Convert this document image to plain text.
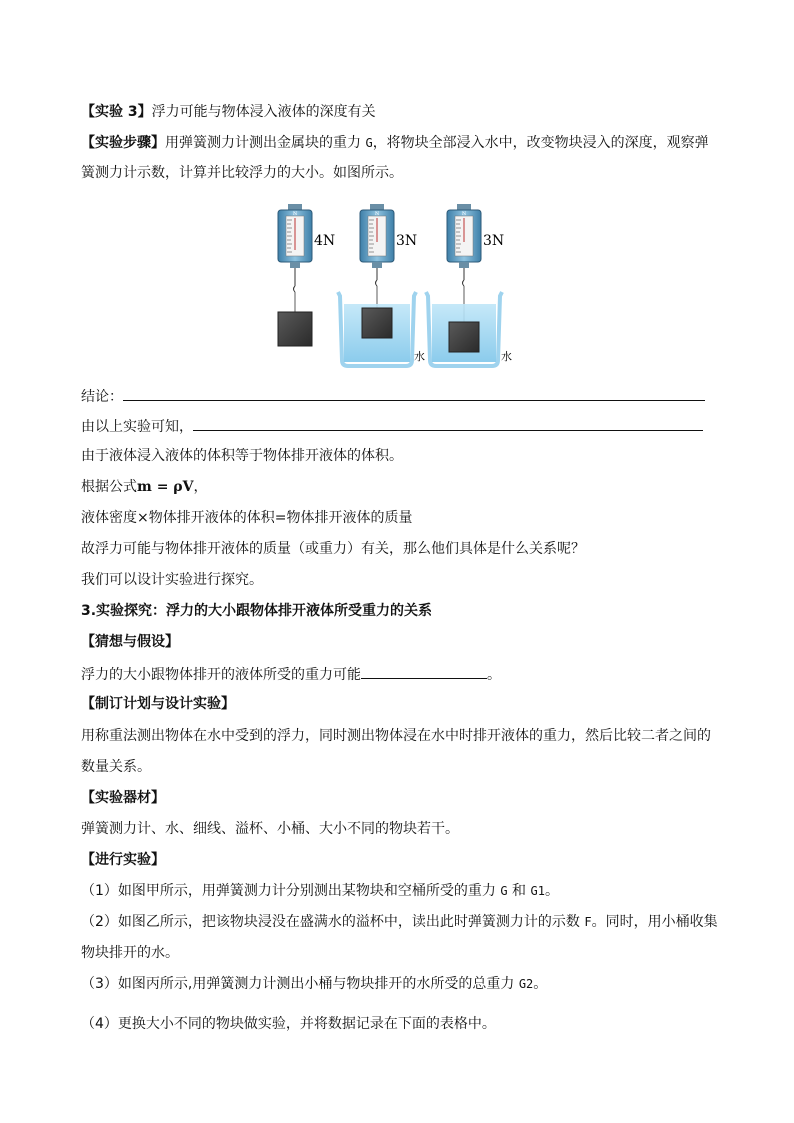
【实验 3】浮力可能与物体浸入液体的深度有关
【实验步骤】用弹簧测力计测出金属块的重力 G，将物块全部浸入水中，改变物块浸入的深度，观察弹
簧测力计示数，计算并比较浮力的大小。如图所示。
N
4N
N
3N
水
N
3N
水
结论：
由以上实验可知，
由于液体浸入液体的体积等于物体排开液体的体积。
根据公式m = ρV，
液体密度×物体排开液体的体积=物体排开液体的质量
故浮力可能与物体排开液体的质量（或重力）有关，那么他们具体是什么关系呢？
我们可以设计实验进行探究。
3.实验探究：浮力的大小跟物体排开液体所受重力的关系
【猜想与假设】
浮力的大小跟物体排开的液体所受的重力可能	。
【制订计划与设计实验】
用称重法测出物体在水中受到的浮力，同时测出物体浸在水中时排开液体的重力，然后比较二者之间的
数量关系。
【实验器材】
弹簧测力计、水、细线、溢杯、小桶、大小不同的物块若干。
【进行实验】
（1）如图甲所示，用弹簧测力计分别测出某物块和空桶所受的重力 G 和 G1。
（2）如图乙所示，把该物块浸没在盛满水的溢杯中，读出此时弹簧测力计的示数 F。同时，用小桶收集
物块排开的水。
（3）如图丙所示,用弹簧测力计测出小桶与物块排开的水所受的总重力 G2。
（4）更换大小不同的物块做实验，并将数据记录在下面的表格中。
